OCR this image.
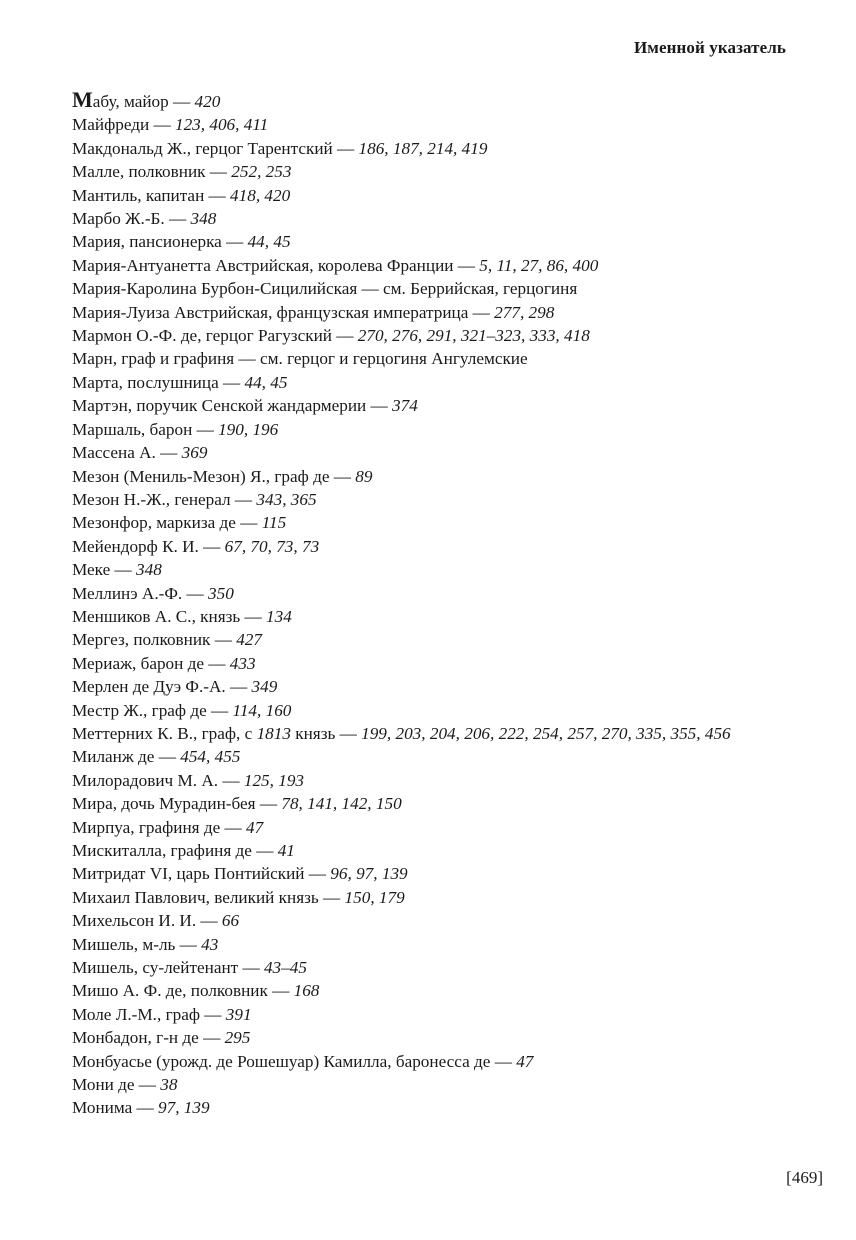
Именной указатель
Мабу, майор — 420
Майфреди — 123, 406, 411
Макдональд Ж., герцог Тарентский — 186, 187, 214, 419
Малле, полковник — 252, 253
Мантиль, капитан — 418, 420
Марбо Ж.-Б. — 348
Мария, пансионерка — 44, 45
Мария-Антуанетта Австрийская, королева Франции — 5, 11, 27, 86, 400
Мария-Каролина Бурбон-Сицилийская — см. Беррийская, герцогиня
Мария-Луиза Австрийская, французская императрица — 277, 298
Мармон О.-Ф. де, герцог Рагузский — 270, 276, 291, 321–323, 333, 418
Марн, граф и графиня — см. герцог и герцогиня Ангулемские
Марта, послушница — 44, 45
Мартэн, поручик Сенской жандармерии — 374
Маршаль, барон — 190, 196
Массена А. — 369
Мезон (Мениль-Мезон) Я., граф де — 89
Мезон Н.-Ж., генерал — 343, 365
Мезонфор, маркиза де — 115
Мейендорф К. И. — 67, 70, 73, 73
Меке — 348
Меллинэ А.-Ф. — 350
Меншиков А. С., князь — 134
Мергез, полковник — 427
Мериаж, барон де — 433
Мерлен де Дуэ Ф.-А. — 349
Местр Ж., граф де — 114, 160
Меттерних К. В., граф, с 1813 князь — 199, 203, 204, 206, 222, 254, 257, 270, 335, 355, 456
Миланж де — 454, 455
Милорадович М. А. — 125, 193
Мира, дочь Мурадин-бея — 78, 141, 142, 150
Мирпуа, графиня де — 47
Мискиталла, графиня де — 41
Митридат VI, царь Понтийский — 96, 97, 139
Михаил Павлович, великий князь — 150, 179
Михельсон И. И. — 66
Мишель, м-ль — 43
Мишель, су-лейтенант — 43–45
Мишо А. Ф. де, полковник — 168
Моле Л.-М., граф — 391
Монбадон, г-н де — 295
Монбуасье (урожд. де Рошешуар) Камилла, баронесса де — 47
Мони де — 38
Монима — 97, 139
[469]
